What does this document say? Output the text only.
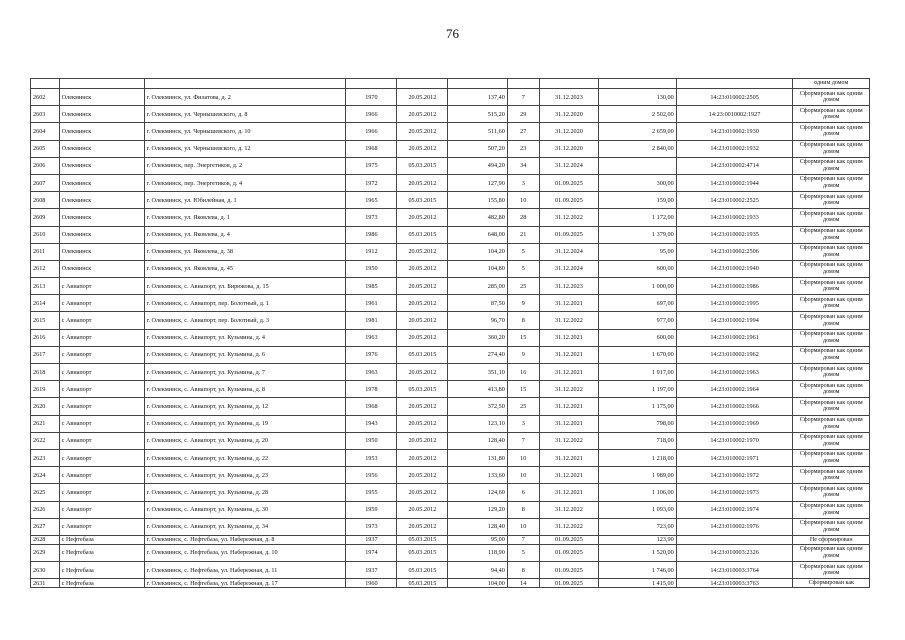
76
										одним домом
2602	Олекминск	г. Олекминск, ул. Филатова, д. 2	1970	20.05.2012	137,40	7	31.12.2023	130,00	14:23:010002:2505	Сформирован как одним домом
2603	Олекминск	г. Олекминск, ул. Чернышевского, д. 8	1966	20.05.2012	515,20	29	31.12.2020	2 502,00	14:23:0010002:1927	Сформирован как одним домом
2604	Олекминск	г. Олекминск, ул. Чернышевского, д. 10	1966	20.05.2012	511,60	27	31.12.2020	2 659,00	14:23:010002:1930	Сформирован как одним домом
2605	Олекминск	г. Олекминск, ул. Чернышевского, д. 12	1968	20.05.2012	507,20	23	31.12.2020	2 840,00	14:23:010002:1932	Сформирован как одним домом
2606	Олекминск	г. Олекминск, пер. Энергетиков, д. 2	1975	05.03.2015	494,20	34	31.12.2024		14:23:010002:4714	Сформирован как одним домом
2607	Олекминск	г. Олекминск, пер. Энергетиков, д. 4	1972	20.05.2012	127,90	3	01.09.2025	300,00	14:23:010002:1944	Сформирован как одним домом
2608	Олекминск	г. Олекминск, ул. Юбилейная, д. 1	1965	05.03.2015	155,80	10	01.09.2025	159,00	14:23:010002:2525	Сформирован как одним домом
2609	Олекминск	г. Олекминск, ул. Яковлева, д. 1	1973	20.05.2012	482,80	28	31.12.2022	1 172,00	14:23:010002:1933	Сформирован как одним домом
2610	Олекминск	г. Олекминск, ул. Яковлева, д. 4	1986	05.03.2015	648,00	21	01.09.2025	1 379,00	14:23:010002:1935	Сформирован как одним домом
2611	Олекминск	г. Олекминск, ул. Яковлева, д. 38	1912	20.05.2012	104,20	5	31.12.2024	95,00	14:23:010002:2506	Сформирован как одним домом
2612	Олекминск	г. Олекминск, ул. Яковлева, д. 45	1950	20.05.2012	104,80	5	31.12.2024	600,00	14:23:010002:1940	Сформирован как одним домом
2613	с Авиапорт	г. Олекминск, с. Авиапорт, ул. Бирюкова, д. 15	1985	20.05.2012	285,00	25	31.12.2023	1 000,00	14:23:010002:1986	Сформирован как одним домом
2614	с Авиапорт	г. Олекминск, с. Авиапорт, пер. Болотный, д. 1	1961	20.05.2012	87,50	9	31.12.2021	697,00	14:23:010002:1995	Сформирован как одним домом
2615	с Авиапорт	г. Олекминск, с. Авиапорт, пер. Болотный, д. 3	1981	20.05.2012	96,70	8	31.12.2022	977,00	14:23:010002:1994	Сформирован как одним домом
2616	с Авиапорт	г. Олекминск, с. Авиапорт, ул. Кузьмина, д. 4	1963	20.05.2012	360,20	15	31.12.2021	600,00	14:23:010002:1961	Сформирован как одним домом
2617	с Авиапорт	г. Олекминск, с. Авиапорт, ул. Кузьмина, д. 6	1976	05.03.2015	274,40	9	31.12.2021	1 670,00	14:23:010002:1962	Сформирован как одним домом
2618	с Авиапорт	г. Олекминск, с. Авиапорт, ул. Кузьмина, д. 7	1963	20.05.2012	351,10	16	31.12.2021	1 917,00	14:23:010002:1963	Сформирован как одним домом
2619	с Авиапорт	г. Олекминск, с. Авиапорт, ул. Кузьмина, д. 8	1978	05.03.2015	413,80	15	31.12.2022	1 197,00	14:23:010002:1964	Сформирован как одним домом
2620	с Авиапорт	г. Олекминск, с. Авиапорт, ул. Кузьмина, д. 12	1968	20.05.2012	372,50	25	31.12.2021	1 175,00	14:23:010002:1966	Сформирован как одним домом
2621	с Авиапорт	г. Олекминск, с. Авиапорт, ул. Кузьмина, д. 19	1943	20.05.2012	123,10	3	31.12.2021	798,00	14:23:010002:1969	Сформирован как одним домом
2622	с Авиапорт	г. Олекминск, с. Авиапорт, ул. Кузьмина, д. 20	1950	20.05.2012	128,40	7	31.12.2022	718,00	14:23:010002:1970	Сформирован как одним домом
2623	с Авиапорт	г. Олекминск, с. Авиапорт, ул. Кузьмина, д. 22	1953	20.05.2012	131,80	10	31.12.2021	1 218,00	14:23:010002:1971	Сформирован как одним домом
2624	с Авиапорт	г. Олекминск, с. Авиапорт, ул. Кузьмина, д. 23	1956	20.05.2012	133,60	10	31.12.2021	1 989,00	14:23:010002:1972	Сформирован как одним домом
2625	с Авиапорт	г. Олекминск, с. Авиапорт, ул. Кузьмина, д. 28	1955	20.05.2012	124,60	6	31.12.2021	1 106,00	14:23:010002:1973	Сформирован как одним домом
2626	с Авиапорт	г. Олекминск, с. Авиапорт, ул. Кузьмина, д. 30	1959	20.05.2012	129,20	8	31.12.2022	1 093,00	14:23:010002:1974	Сформирован как одним домом
2627	с Авиапорт	г. Олекминск, с. Авиапорт, ул. Кузьмина, д. 34	1973	20.05.2012	128,40	10	31.12.2022	723,00	14:23:010002:1976	Сформирован как одним домом
2628	с Нефтебаза	г. Олекминск, с. Нефтебаза, ул. Набережная, д. 8	1937	05.03.2015	95,00	7	01.09.2025	123,90		Не сформирован
2629	с Нефтебаза	г. Олекминск, с. Нефтебаза, ул. Набережная, д. 10	1974	05.03.2015	118,90	5	01.09.2025	1 520,00	14:23:010003:2326	Сформирован как одним домом
2630	с Нефтебаза	г. Олекминск, с. Нефтебаза, ул. Набережная, д. 11	1937	05.03.2015	94,40	8	01.09.2025	1 746,00	14:23:010003:3764	Сформирован как одним домом
2631	с Нефтебаза	г. Олекминск, с. Нефтебаза, ул. Набережная, д. 17	1960	05.03.2015	104,00	14	01.09.2025	1 415,00	14:23:010003:3763	Сформирован как
